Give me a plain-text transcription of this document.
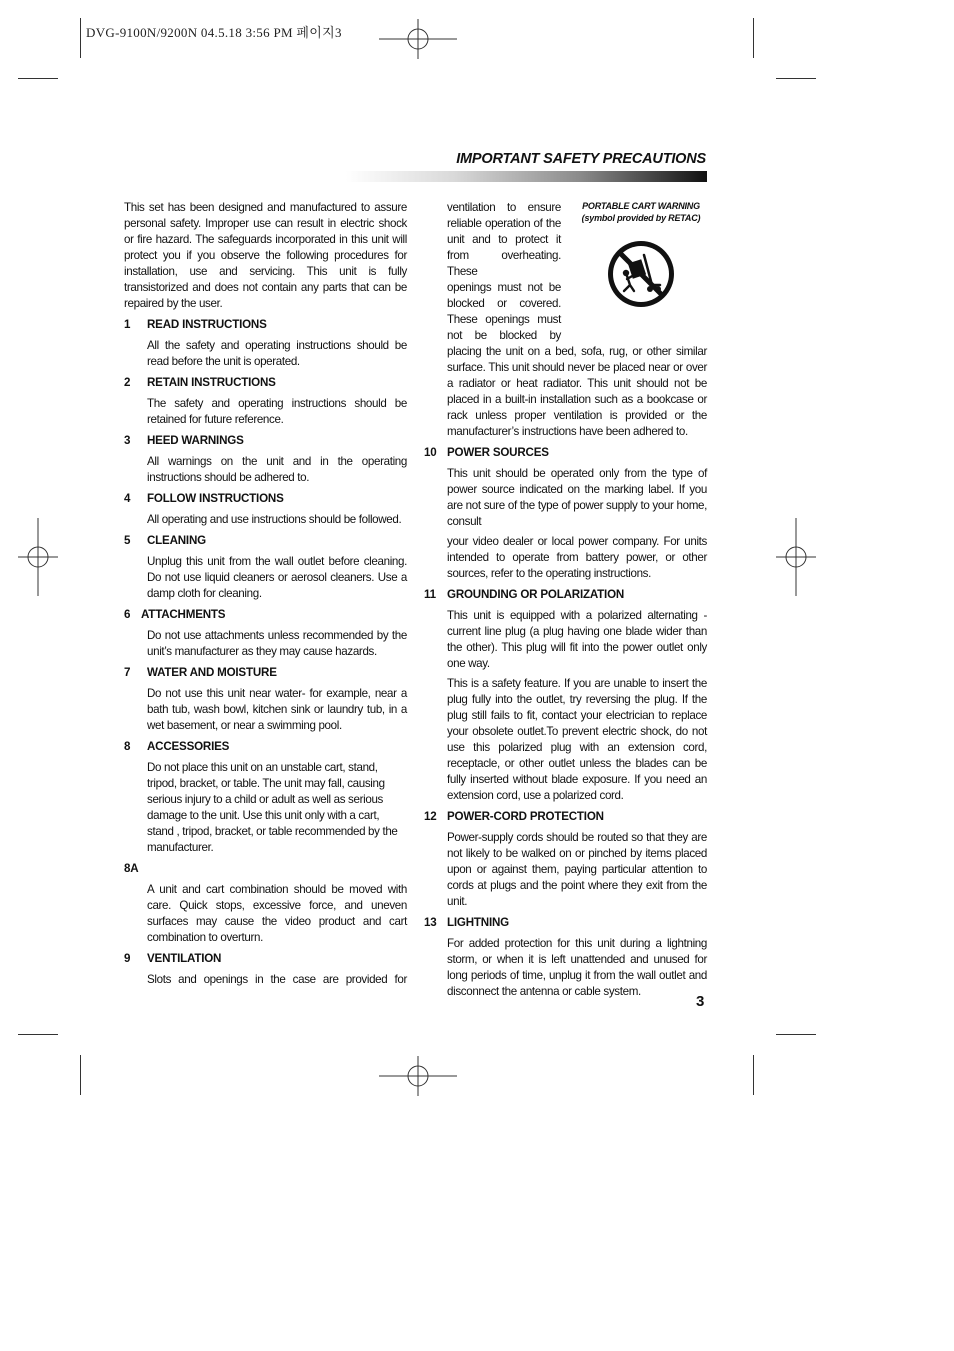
DVG-9100N/9200N 04.5.18 3:56 PM 페이지3
IMPORTANT SAFETY PRECAUTIONS
This set has been designed and manufactured to assure personal safety. Improper use can result in electric shock or fire hazard. The safeguards incorporated in this unit will protect you if you observe the following procedures for installation, use and servicing. This unit is fully transistorized and does not contain any parts that can be repaired by the user.
1	READ INSTRUCTIONS
All the safety and operating instructions should be read before the unit is operated.
2	RETAIN INSTRUCTIONS
The safety and operating instructions should be retained for future reference.
3	HEED WARNINGS
All warnings on the unit and in the operating instructions should be adhered to.
4	FOLLOW INSTRUCTIONS
All operating and use instructions should be followed.
5	CLEANING
Unplug this unit from the wall outlet before cleaning. Do not use liquid cleaners or aerosol cleaners. Use a damp cloth for cleaning.
6 ATTACHMENTS
Do not use attachments unless recommended by the unit’s manufacturer as they may cause hazards.
7	WATER AND MOISTURE
Do not use this unit near water- for example, near a bath tub, wash bowl, kitchen sink or laundry tub, in a wet basement, or near a swimming pool.
8	ACCESSORIES
Do not place this unit on an unstable cart, stand, tripod, bracket, or table. The unit may fall, causing serious injury to a child or adult as well as serious damage to the unit. Use this unit only with a cart, stand , tripod, bracket, or table recommended by the manufacturer.
8A
A unit and cart combination should be moved with care. Quick stops, excessive force, and uneven surfaces may cause the video product and cart combination to overturn.
9	VENTILATION
Slots and openings in the case are provided for
ventilation to ensure
reliable operation of the
unit and to protect it
from overheating. These
openings must not be
blocked or covered.
These openings must
not be blocked by
placing the unit on a bed, sofa, rug, or other similar surface. This unit should never be placed near or over a radiator or heat radiator. This unit should not be placed in a built-in installation such as a bookcase or rack unless proper ventilation is provided or the manufacturer’s instructions have been adhered to.
PORTABLE CART WARNING
(symbol provided by RETAC)
10 POWER SOURCES
This unit should be operated only from the type of power source indicated on the marking label. If you are not sure of the type of power supply to your home, consult
your video dealer or local power company. For units intended to operate from battery power, or other sources, refer to the operating instructions.
11 GROUNDING OR POLARIZATION
This unit is equipped with a polarized alternating - current line plug (a plug having one blade wider than the other). This plug will fit into the power outlet only one way.
This is a safety feature. If you are unable to insert the plug fully into the outlet, try reversing the plug. If the plug still fails to fit, contact your electrician to replace your obsolete outlet.To prevent electric shock, do not use this polarized plug with an extension cord, receptacle, or other outlet unless the blades can be fully inserted without blade exposure. If you need an extension cord, use a polarized cord.
12 POWER-CORD PROTECTION
Power-supply cords should be routed so that they are not likely to be walked on or pinched by items placed upon or against them, paying particular attention to cords at plugs and the point where they exit from the unit.
13 LIGHTNING
For added protection for this unit during a lightning storm, or when it is left unattended and unused for long periods of time, unplug it from the wall outlet and disconnect the antenna or cable system.
3
